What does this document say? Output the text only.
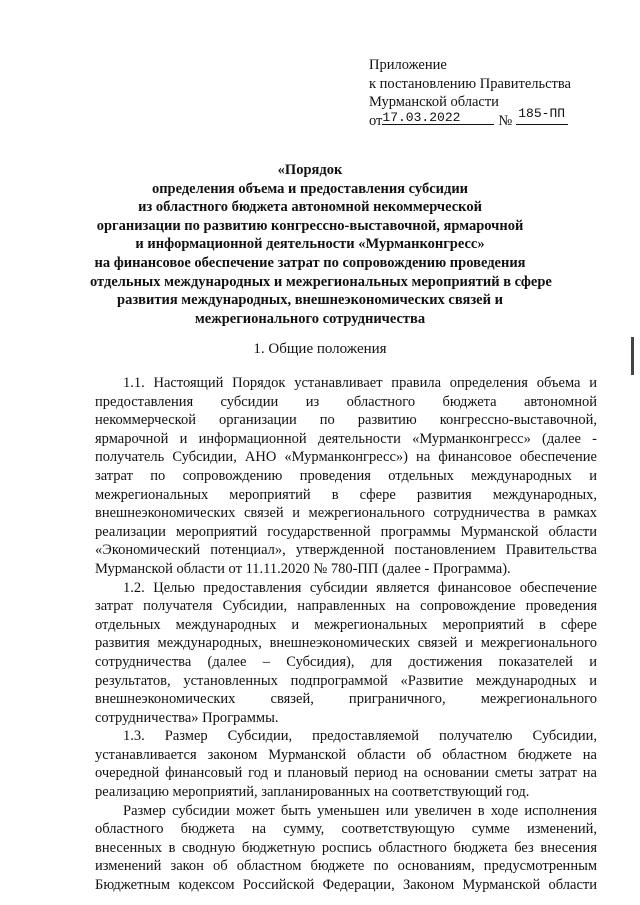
Приложение
к постановлению Правительства
Мурманской области
от 17.03.2022	№ 185-ПП
«Порядок
определения объема и предоставления субсидии
из областного бюджета автономной некоммерческой
организации по развитию конгрессно-выставочной, ярмарочной
и информационной деятельности «Мурманконгресс»
на финансовое обеспечение затрат по сопровождению проведения
отдельных международных и межрегиональных мероприятий в сфере
развития международных, внешнеэкономических связей и
межрегионального сотрудничества
1. Общие положения
1.1. Настоящий Порядок устанавливает правила определения объема и
предоставления субсидии из областного бюджета автономной
некоммерческой организации по развитию конгрессно-выставочной,
ярмарочной и информационной деятельности «Мурманконгресс» (далее -
получатель Субсидии, АНО «Мурманконгресс») на финансовое обеспечение
затрат по сопровождению проведения отдельных международных и
межрегиональных мероприятий в сфере развития международных,
внешнеэкономических связей и межрегионального сотрудничества в рамках
реализации мероприятий государственной программы Мурманской области
«Экономический потенциал», утвержденной постановлением Правительства
Мурманской области от 11.11.2020 № 780-ПП (далее - Программа).
1.2. Целью предоставления субсидии является финансовое обеспечение
затрат получателя Субсидии, направленных на сопровождение проведения
отдельных международных и межрегиональных мероприятий в сфере
развития международных, внешнеэкономических связей и межрегионального
сотрудничества (далее – Субсидия), для достижения показателей и
результатов, установленных подпрограммой «Развитие международных и
внешнеэкономических связей, приграничного, межрегионального
сотрудничества» Программы.
1.3. Размер Субсидии, предоставляемой получателю Субсидии,
устанавливается законом Мурманской области об областном бюджете на
очередной финансовый год и плановый период на основании сметы затрат на
реализацию мероприятий, запланированных на соответствующий год.
Размер субсидии может быть уменьшен или увеличен в ходе исполнения
областного бюджета на сумму, соответствующую сумме изменений,
внесенных в сводную бюджетную роспись областного бюджета без внесения
изменений закон об областном бюджете по основаниям, предусмотренным
Бюджетным кодексом Российской Федерации, Законом Мурманской области
